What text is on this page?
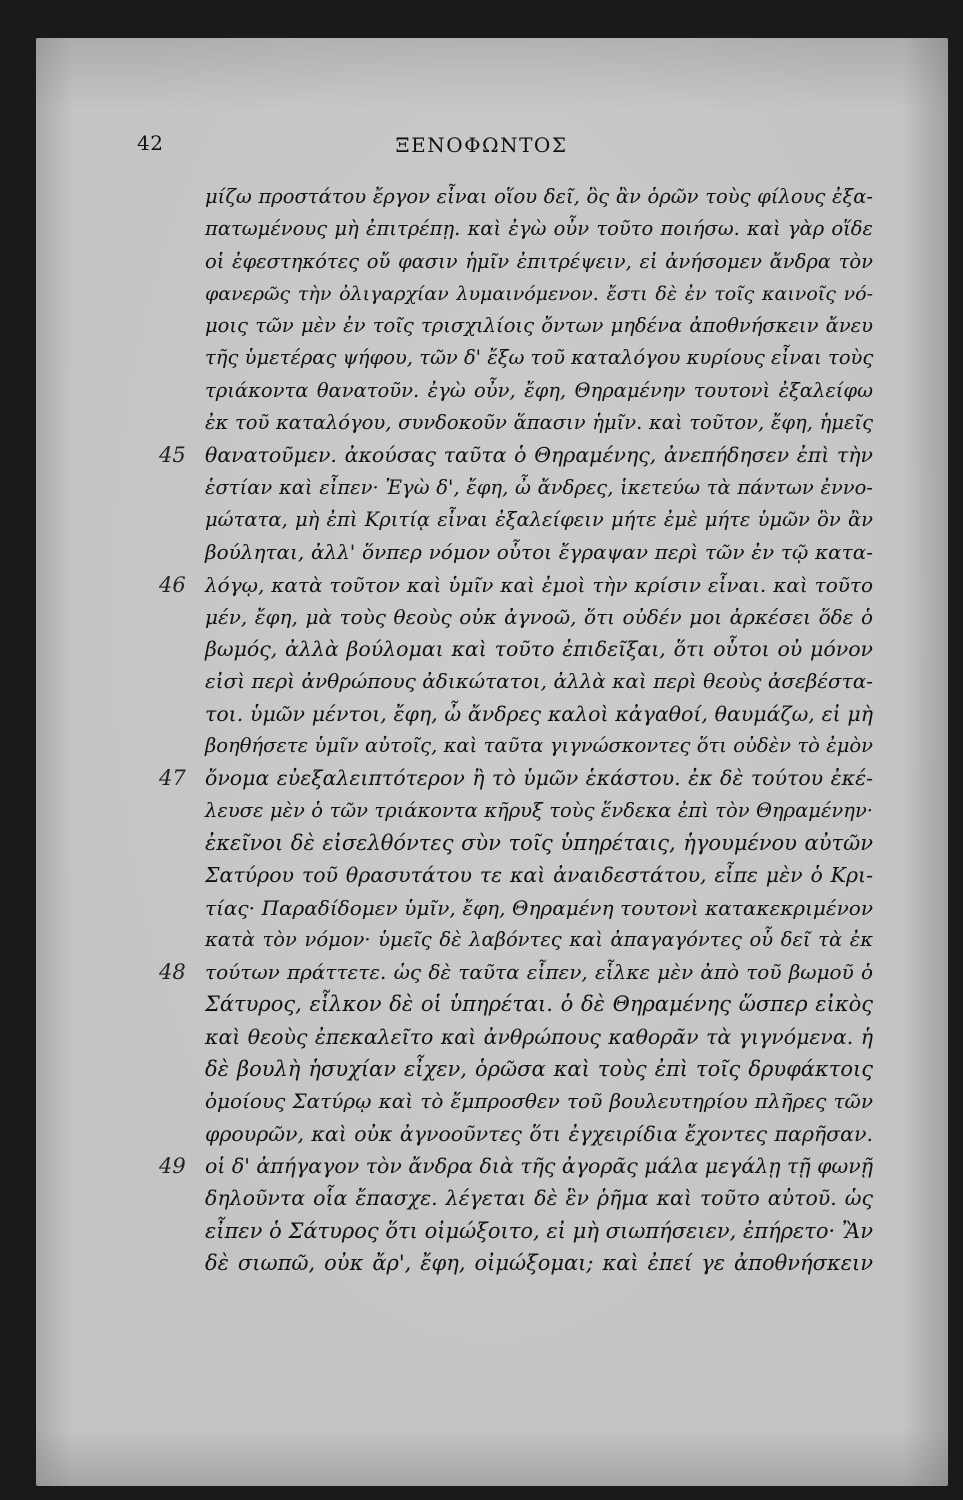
42	ΞΕΝΟΦΩΝΤΟΣ
μίζω προστάτου ἔργον εἶναι οἵου δεῖ, ὃς ἂν ὁρῶν τοὺς φίλους ἐξα-
πατωμένους μὴ ἐπιτρέπῃ. καὶ ἐγὼ οὖν τοῦτο ποιήσω. καὶ γὰρ οἵδε
οἱ ἐφεστηκότες οὔ φασιν ἡμῖν ἐπιτρέψειν, εἰ ἀνήσομεν ἄνδρα τὸν
φανερῶς τὴν ὀλιγαρχίαν λυμαινόμενον. ἔστι δὲ ἐν τοῖς καινοῖς νό-
μοις τῶν μὲν ἐν τοῖς τρισχιλίοις ὄντων μηδένα ἀποθνήσκειν ἄνευ
τῆς ὑμετέρας ψήφου, τῶν δ' ἔξω τοῦ καταλόγου κυρίους εἶναι τοὺς
τριάκοντα θανατοῦν. ἐγὼ οὖν, ἔφη, Θηραμένην τουτονὶ ἐξαλείφω
ἐκ τοῦ καταλόγου, συνδοκοῦν ἅπασιν ἡμῖν. καὶ τοῦτον, ἔφη, ἡμεῖς
θανατοῦμεν. ἀκούσας ταῦτα ὁ Θηραμένης, ἀνεπήδησεν ἐπὶ τὴν
ἑστίαν καὶ εἶπεν· Ἐγὼ δ', ἔφη, ὦ ἄνδρες, ἱκετεύω τὰ πάντων ἐννο-
μώτατα, μὴ ἐπὶ Κριτίᾳ εἶναι ἐξαλείφειν μήτε ἐμὲ μήτε ὑμῶν ὃν ἂν
βούληται, ἀλλ' ὅνπερ νόμον οὗτοι ἔγραψαν περὶ τῶν ἐν τῷ κατα-
λόγῳ, κατὰ τοῦτον καὶ ὑμῖν καὶ ἐμοὶ τὴν κρίσιν εἶναι. καὶ τοῦτο
μέν, ἔφη, μὰ τοὺς θεοὺς οὐκ ἀγνοῶ, ὅτι οὐδέν μοι ἀρκέσει ὅδε ὁ
βωμός, ἀλλὰ βούλομαι καὶ τοῦτο ἐπιδεῖξαι, ὅτι οὗτοι οὐ μόνον
εἰσὶ περὶ ἀνθρώπους ἀδικώτατοι, ἀλλὰ καὶ περὶ θεοὺς ἀσεβέστα-
τοι. ὑμῶν μέντοι, ἔφη, ὦ ἄνδρες καλοὶ κἀγαθοί, θαυμάζω, εἰ μὴ
βοηθήσετε ὑμῖν αὐτοῖς, καὶ ταῦτα γιγνώσκοντες ὅτι οὐδὲν τὸ ἐμὸν
ὄνομα εὐεξαλειπτότερον ἢ τὸ ὑμῶν ἑκάστου. ἐκ δὲ τούτου ἐκέ-
λευσε μὲν ὁ τῶν τριάκοντα κῆρυξ τοὺς ἕνδεκα ἐπὶ τὸν Θηραμένην·
ἐκεῖνοι δὲ εἰσελθόντες σὺν τοῖς ὑπηρέταις, ἡγουμένου αὐτῶν
Σατύρου τοῦ θρασυτάτου τε καὶ ἀναιδεστάτου, εἶπε μὲν ὁ Κρι-
τίας· Παραδίδομεν ὑμῖν, ἔφη, Θηραμένη τουτονὶ κατακεκριμένον
κατὰ τὸν νόμον· ὑμεῖς δὲ λαβόντες καὶ ἀπαγαγόντες οὗ δεῖ τὰ ἐκ
τούτων πράττετε. ὡς δὲ ταῦτα εἶπεν, εἷλκε μὲν ἀπὸ τοῦ βωμοῦ ὁ
Σάτυρος, εἷλκον δὲ οἱ ὑπηρέται. ὁ δὲ Θηραμένης ὥσπερ εἰκὸς
καὶ θεοὺς ἐπεκαλεῖτο καὶ ἀνθρώπους καθορᾶν τὰ γιγνόμενα. ἡ
δὲ βουλὴ ἡσυχίαν εἶχεν, ὁρῶσα καὶ τοὺς ἐπὶ τοῖς δρυφάκτοις
ὁμοίους Σατύρῳ καὶ τὸ ἔμπροσθεν τοῦ βουλευτηρίου πλῆρες τῶν
φρουρῶν, καὶ οὐκ ἀγνοοῦντες ὅτι ἐγχειρίδια ἔχοντες παρῆσαν.
οἱ δ' ἀπήγαγον τὸν ἄνδρα διὰ τῆς ἀγορᾶς μάλα μεγάλῃ τῇ φωνῇ
δηλοῦντα οἷα ἔπασχε. λέγεται δὲ ἓν ῥῆμα καὶ τοῦτο αὐτοῦ. ὡς
εἶπεν ὁ Σάτυρος ὅτι οἰμώξοιτο, εἰ μὴ σιωπήσειεν, ἐπήρετο· Ἂν
δὲ σιωπῶ, οὐκ ἄρ', ἔφη, οἰμώξομαι; καὶ ἐπεί γε ἀποθνήσκειν
45
46
47
48
49
